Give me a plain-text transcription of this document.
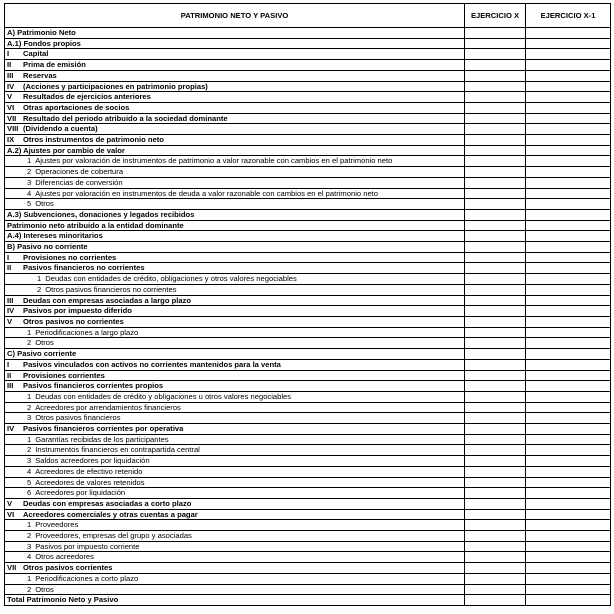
PATRIMONIO NETO Y PASIVO	EJERCICIO X	EJERCICIO X-1
A) Patrimonio Neto		
A.1) Fondos propios		
I Capital		
II Prima de emisión		
III Reservas		
IV (Acciones y participaciones en patrimonio propias)		
V Resultados de ejercicios anteriores		
VI Otras aportaciones de socios		
VII Resultado del periodo atribuido a la sociedad dominante		
VIII (Dividendo a cuenta)		
IX Otros instrumentos de patrimonio neto		
A.2) Ajustes por cambio de valor		
1 Ajustes por valoración de instrumentos de patrimonio a valor razonable con cambios en el patrimonio neto		
2 Operaciones de cobertura		
3 Diferencias de conversión		
4 Ajustes por valoración en instrumentos de deuda a valor razonable con cambios en el patrimonio neto		
5 Otros		
A.3) Subvenciones, donaciones y legados recibidos		
Patrimonio neto atribuido a la entidad dominante		
A.4) Intereses minoritarios		
B) Pasivo no corriente		
I Provisiones no corrientes		
II Pasivos financieros no corrientes		
1 Deudas con entidades de crédito, obligaciones y otros valores negociables		
2 Otros pasivos financieros no corrientes		
III Deudas con empresas asociadas a largo plazo		
IV Pasivos por impuesto diferido		
V Otros pasivos no corrientes		
1 Periodificaciones a largo plazo		
2 Otros		
C) Pasivo corriente		
I Pasivos vinculados con activos no corrientes mantenidos para la venta		
II Provisiones corrientes		
III Pasivos financieros corrientes propios		
1 Deudas con entidades de crédito y obligaciones u otros valores negociables		
2 Acreedores por arrendamientos financieros		
3 Otros pasivos financieros		
IV Pasivos financieros corrientes por operativa		
1 Garantías recibidas de los participantes		
2 Instrumentos financieros en contrapartida central		
3 Saldos acreedores por liquidación		
4 Acreedores de efectivo retenido		
5 Acreedores de valores retenidos		
6 Acreedores por liquidación		
V Deudas con empresas asociadas a corto plazo		
VI Acreedores comerciales y otras cuentas a pagar		
1 Proveedores		
2 Proveedores, empresas del grupo y asociadas		
3 Pasivos por impuesto corriente		
4 Otros acreedores		
VII Otros pasivos corrientes		
1 Periodificaciones a corto plazo		
2 Otros		
Total Patrimonio Neto y Pasivo		
